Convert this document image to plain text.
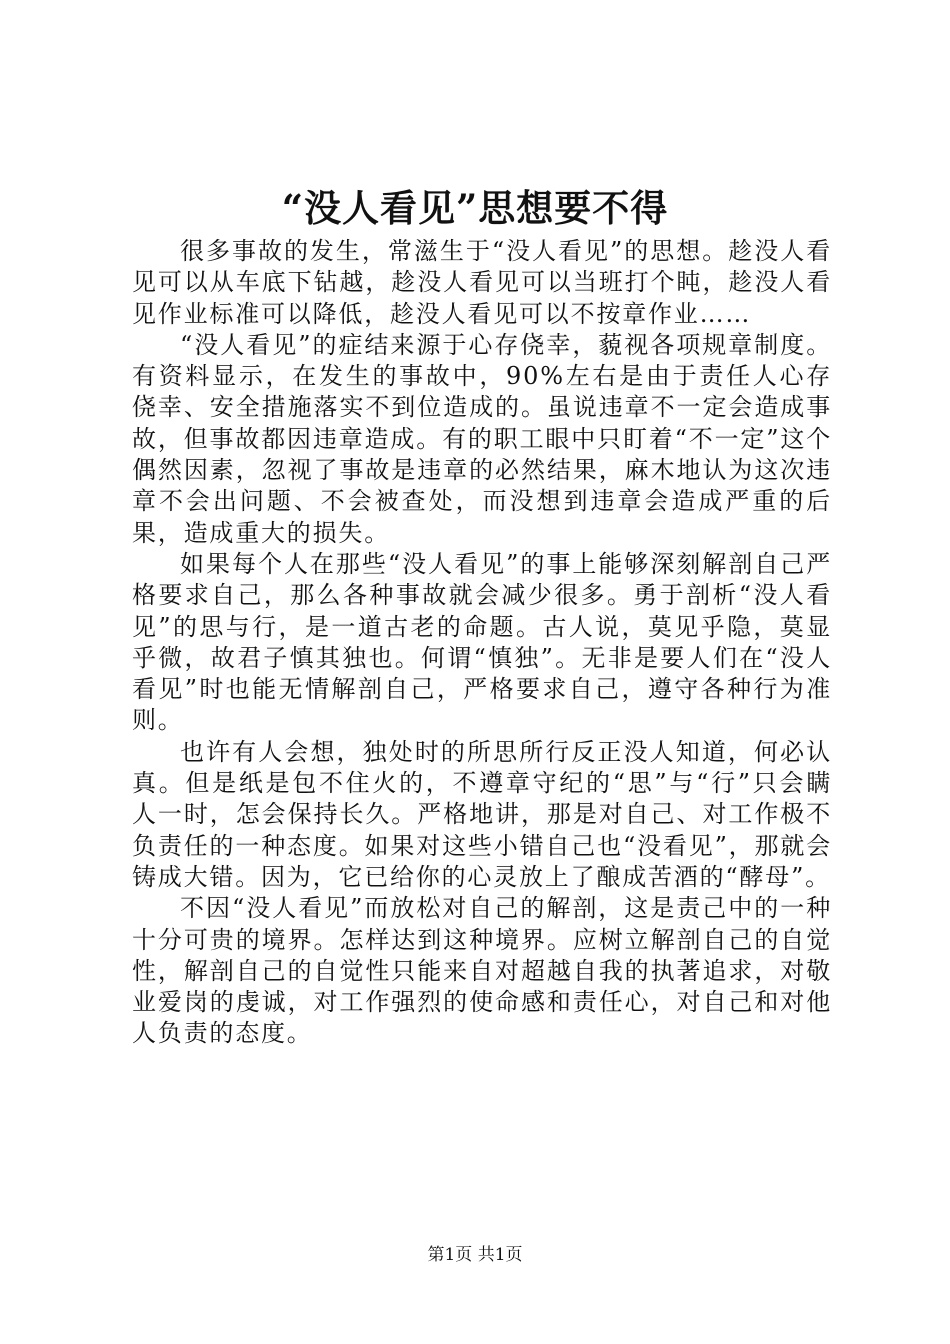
“没人看见”思想要不得

很多事故的发生，常滋生于“没人看见”的思想。趁没人看见可以从车底下钻越，趁没人看见可以当班打个盹，趁没人看见作业标准可以降低，趁没人看见可以不按章作业……

“没人看见”的症结来源于心存侥幸，藐视各项规章制度。有资料显示，在发生的事故中，90%左右是由于责任人心存侥幸、安全措施落实不到位造成的。虽说违章不一定会造成事故，但事故都因违章造成。有的职工眼中只盯着“不一定”这个偶然因素，忽视了事故是违章的必然结果，麻木地认为这次违章不会出问题、不会被查处，而没想到违章会造成严重的后果，造成重大的损失。

如果每个人在那些“没人看见”的事上能够深刻解剖自己严格要求自己，那么各种事故就会减少很多。勇于剖析“没人看见”的思与行，是一道古老的命题。古人说，莫见乎隐，莫显乎微，故君子慎其独也。何谓“慎独”。无非是要人们在“没人看见”时也能无情解剖自己，严格要求自己，遵守各种行为准则。

也许有人会想，独处时的所思所行反正没人知道，何必认真。但是纸是包不住火的，不遵章守纪的“思”与“行”只会瞒人一时，怎会保持长久。严格地讲，那是对自己、对工作极不负责任的一种态度。如果对这些小错自己也“没看见”，那就会铸成大错。因为，它已给你的心灵放上了酿成苦酒的“酵母”。

不因“没人看见”而放松对自己的解剖，这是责己中的一种十分可贵的境界。怎样达到这种境界。应树立解剖自己的自觉性，解剖自己的自觉性只能来自对超越自我的执著追求，对敬业爱岗的虔诚，对工作强烈的使命感和责任心，对自己和对他人负责的态度。

第1页 共1页
